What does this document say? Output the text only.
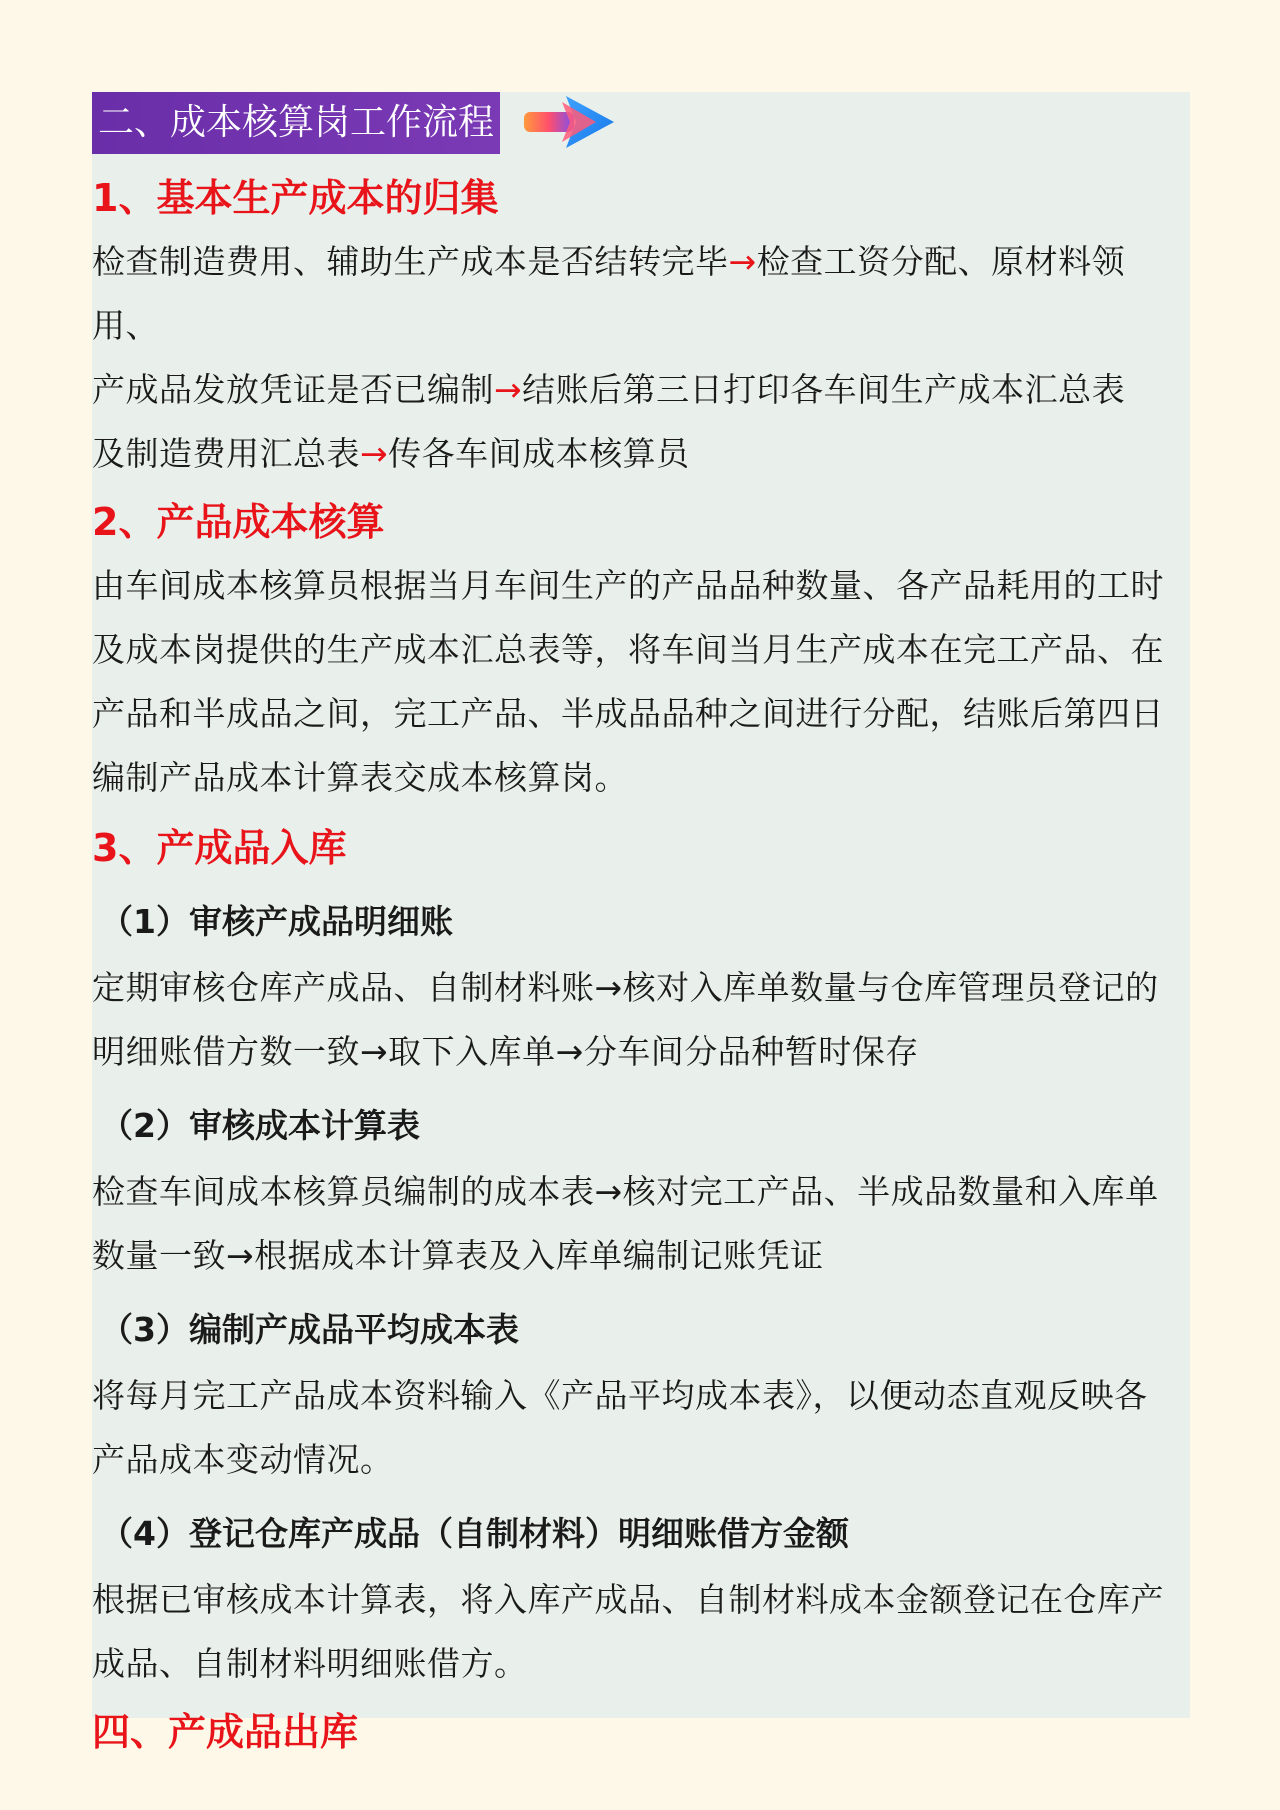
二、成本核算岗工作流程
1、基本生产成本的归集

检查制造费用、辅助生产成本是否结转完毕→检查工资分配、原材料领用、

产成品发放凭证是否已编制→结账后第三日打印各车间生产成本汇总表

及制造费用汇总表→传各车间成本核算员

2、产品成本核算

由车间成本核算员根据当月车间生产的产品品种数量、各产品耗用的工时

及成本岗提供的生产成本汇总表等，将车间当月生产成本在完工产品、在

产品和半成品之间，完工产品、半成品品种之间进行分配，结账后第四日

编制产品成本计算表交成本核算岗。

3、产成品入库
（1）审核产成品明细账

定期审核仓库产成品、自制材料账→核对入库单数量与仓库管理员登记的

明细账借方数一致→取下入库单→分车间分品种暂时保存

（2）审核成本计算表

检查车间成本核算员编制的成本表→核对完工产品、半成品数量和入库单

数量一致→根据成本计算表及入库单编制记账凭证

（3）编制产成品平均成本表

将每月完工产品成本资料输入《产品平均成本表》，以便动态直观反映各

产品成本变动情况。

（4）登记仓库产成品（自制材料）明细账借方金额

根据已审核成本计算表，将入库产成品、自制材料成本金额登记在仓库产

成品、自制材料明细账借方。

四、产成品出库
